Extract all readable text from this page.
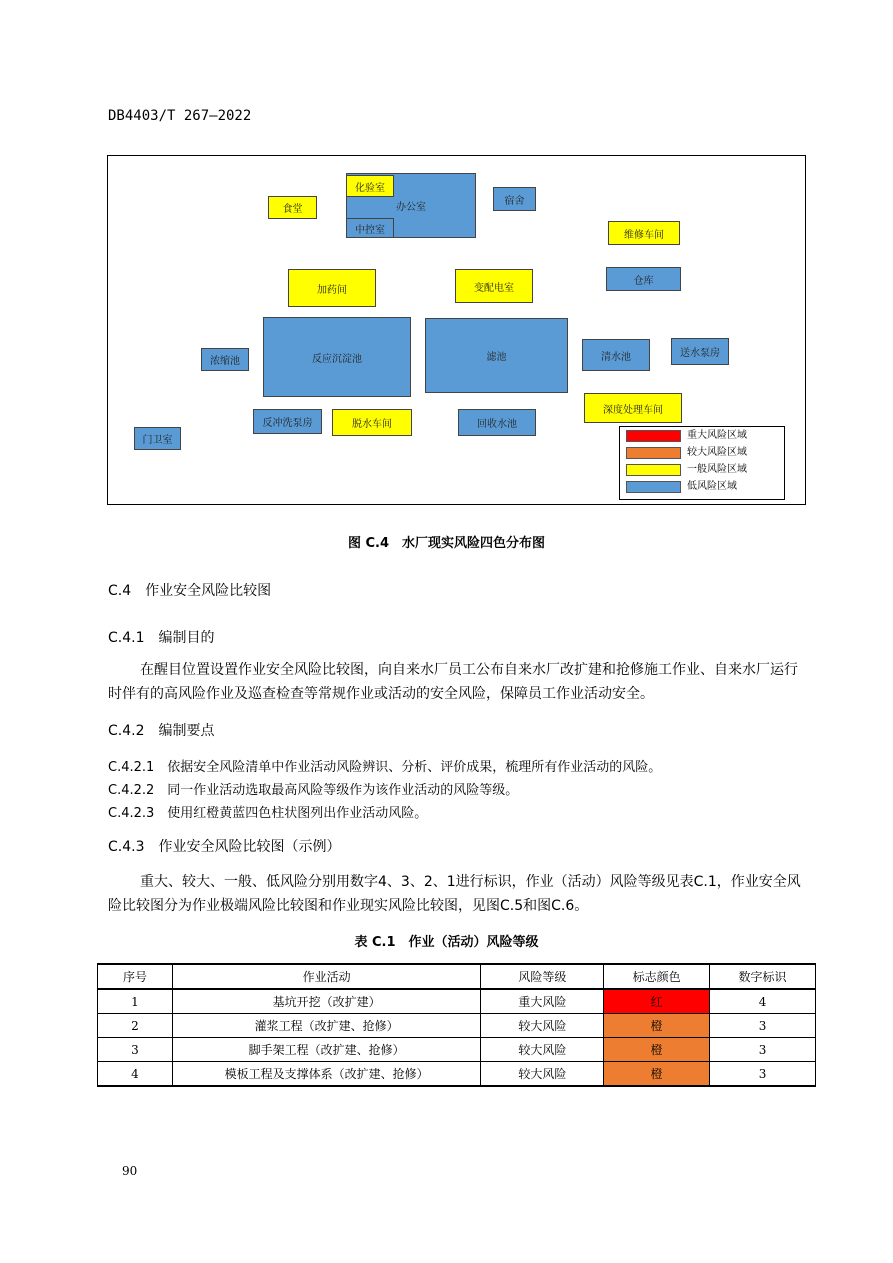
DB4403/T 267—2022
办公室
化验室
中控室
食堂
宿舍
维修车间
加药间	变配电室
仓库
浓缩池	反应沉淀池	滤池	清水池	送水泵房
反冲洗泵房	脱水车间	回收水池
深度处理车间
门卫室	重大风险区域
较大风险区域
一般风险区域
低风险区域
图 C.4　水厂现实风险四色分布图
C.4　作业安全风险比较图
C.4.1　编制目的
在醒目位置设置作业安全风险比较图，向自来水厂员工公布自来水厂改扩建和抢修施工作业、自来水厂运行时伴有的高风险作业及巡查检查等常规作业或活动的安全风险，保障员工作业活动安全。
C.4.2　编制要点
C.4.2.1　依据安全风险清单中作业活动风险辨识、分析、评价成果，梳理所有作业活动的风险。
C.4.2.2　同一作业活动选取最高风险等级作为该作业活动的风险等级。
C.4.2.3　使用红橙黄蓝四色柱状图列出作业活动风险。
C.4.3　作业安全风险比较图（示例）
重大、较大、一般、低风险分别用数字4、3、2、1进行标识，作业（活动）风险等级见表C.1，作业安全风险比较图分为作业极端风险比较图和作业现实风险比较图，见图C.5和图C.6。
表 C.1　作业（活动）风险等级
序号	作业活动	风险等级	标志颜色	数字标识
1	基坑开挖（改扩建）	重大风险	红	4
2	灌浆工程（改扩建、抢修）	较大风险	橙	3
3	脚手架工程（改扩建、抢修）	较大风险	橙	3
4	模板工程及支撑体系（改扩建、抢修）	较大风险	橙	3
90
